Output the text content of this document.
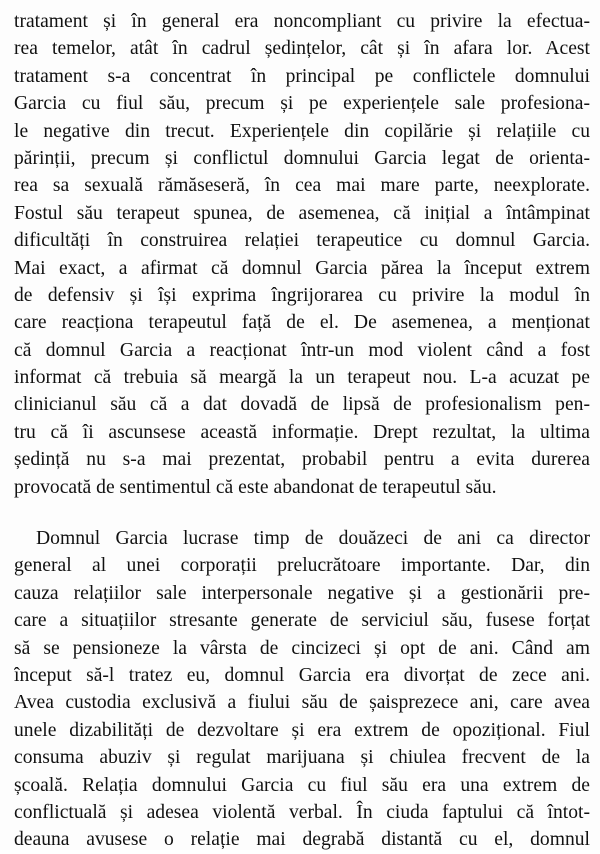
tratament și în general era noncompliant cu privire la efectua-
rea temelor, atât în cadrul ședințelor, cât și în afara lor. Acest
tratament s-a concentrat în principal pe conflictele domnului
Garcia cu fiul său, precum și pe experiențele sale profesiona-
le negative din trecut. Experiențele din copilărie și relațiile cu
părinții, precum și conflictul domnului Garcia legat de orienta-
rea sa sexuală rămăseseră, în cea mai mare parte, neexplorate.
Fostul său terapeut spunea, de asemenea, că inițial a întâmpinat
dificultăți în construirea relației terapeutice cu domnul Garcia.
Mai exact, a afirmat că domnul Garcia părea la început extrem
de defensiv și își exprima îngrijorarea cu privire la modul în
care reacționa terapeutul față de el. De asemenea, a menționat
că domnul Garcia a reacționat într-un mod violent când a fost
informat că trebuia să meargă la un terapeut nou. L-a acuzat pe
clinicianul său că a dat dovadă de lipsă de profesionalism pen-
tru că îi ascunsese această informație. Drept rezultat, la ultima
ședință nu s-a mai prezentat, probabil pentru a evita durerea
provocată de sentimentul că este abandonat de terapeutul său.
Domnul Garcia lucrase timp de douăzeci de ani ca director
general al unei corporații prelucrătoare importante. Dar, din
cauza relațiilor sale interpersonale negative și a gestionării pre-
care a situațiilor stresante generate de serviciul său, fusese forțat
să se pensioneze la vârsta de cincizeci și opt de ani. Când am
început să-l tratez eu, domnul Garcia era divorțat de zece ani.
Avea custodia exclusivă a fiului său de șaisprezece ani, care avea
unele dizabilități de dezvoltare și era extrem de opozițional. Fiul
consuma abuziv și regulat marijuana și chiulea frecvent de la
școală. Relația domnului Garcia cu fiul său era una extrem de
conflictuală și adesea violentă verbal. În ciuda faptului că întot-
deauna avusese o relație mai degrabă distantă cu el, domnul
